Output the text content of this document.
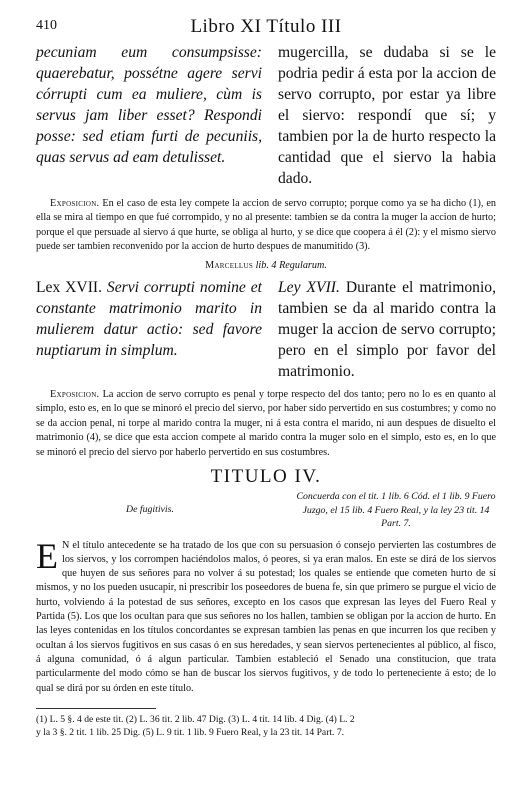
410	Libro XI Título III
pecuniam eum consumpsisse: quaerebatur, possétne agere servi córrupti cum ea muliere, cùm is servus jam liber esset? Respondi posse: sed etiam furti de pecuniis, quas servus ad eam detulisset.
mugercilla, se dudaba si se le podria pedir á esta por la accion de servo corrupto, por estar ya libre el siervo: respondí que sí; y tambien por la de hurto respecto la cantidad que el siervo la habia dado.

Exposicion. En el caso de esta ley compete la accion de servo corrupto; porque como ya se ha dicho (1), en ella se mira al tiempo en que fué corrompido, y no al presente: tambien se da contra la muger la accion de hurto; porque el que persuade al siervo á que hurte, se obliga al hurto, y se dice que coopera á él (2): y el mismo siervo puede ser tambien reconvenido por la accion de hurto despues de manumitido (3).

Marcellus lib. 4 Regularum.
Lex XVII. Servi corrupti nomine et constante matrimonio marito in mulierem datur actio: sed favore nuptiarum in simplum.
Ley XVII. Durante el matrimonio, tambien se da al marido contra la muger la accion de servo corrupto; pero en el simplo por favor del matrimonio.

Exposicion. La accion de servo corrupto es penal y torpe respecto del dos tanto; pero no lo es en quanto al simplo, esto es, en lo que se minoró el precio del siervo, por haber sido pervertido en sus costumbres; y como no se da accion penal, ni torpe al marido contra la muger, ni á esta contra el marido, ni aun despues de disuelto el matrimonio (4), se dice que esta accion compete al marido contra la muger solo en el simplo, esto es, en lo que se minoró el precio del siervo por haberlo pervertido en sus costumbres.

TITULO IV.
De fugitivis.
Concuerda con el tit. 1 lib. 6 Cód. el 1 lib. 9 Fuero Juzgo, el 15 lib. 4 Fuero Real, y la ley 23 tit. 14 Part. 7.
E N el título antecedente se ha tratado de los que con su persuasion ó consejo pervierten las costumbres de los siervos, y los corrompen haciéndolos malos, ó peores, si ya eran malos. En este se dirá de los siervos que huyen de sus señores para no volver á su potestad; los quales se entiende que cometen hurto de sí mismos, y no los pueden usucapir, ni prescribir los poseedores de buena fe, sin que primero se purgue el vicio de hurto, volviendo á la potestad de sus señores, excepto en los casos que expresan las leyes del Fuero Real y Partida (5). Los que los ocultan para que sus señores no los hallen, tambien se obligan por la accion de hurto. En las leyes contenidas en los títulos concordantes se expresan tambien las penas en que incurren los que reciben y ocultan á los siervos fugitivos en sus casas ó en sus heredades, y sean siervos pertenecientes al público, al fisco, á alguna comunidad, ó á algun particular. Tambien estableció el Senado una constitucion, que trata particularmente del modo cómo se han de buscar los siervos fugitivos, y de todo lo perteneciente á esto; de lo qual se dirá por su órden en este título.
(1) L. 5 §. 4 de este tit. (2) L. 36 tit. 2 lib. 47 Dig. (3) L. 4 tit. 14 lib. 4 Dig. (4) L. 2
y la 3 §. 2 tit. 1 lib. 25 Dig. (5) L. 9 tit. 1 lib. 9 Fuero Real, y la 23 tit. 14 Part. 7.
